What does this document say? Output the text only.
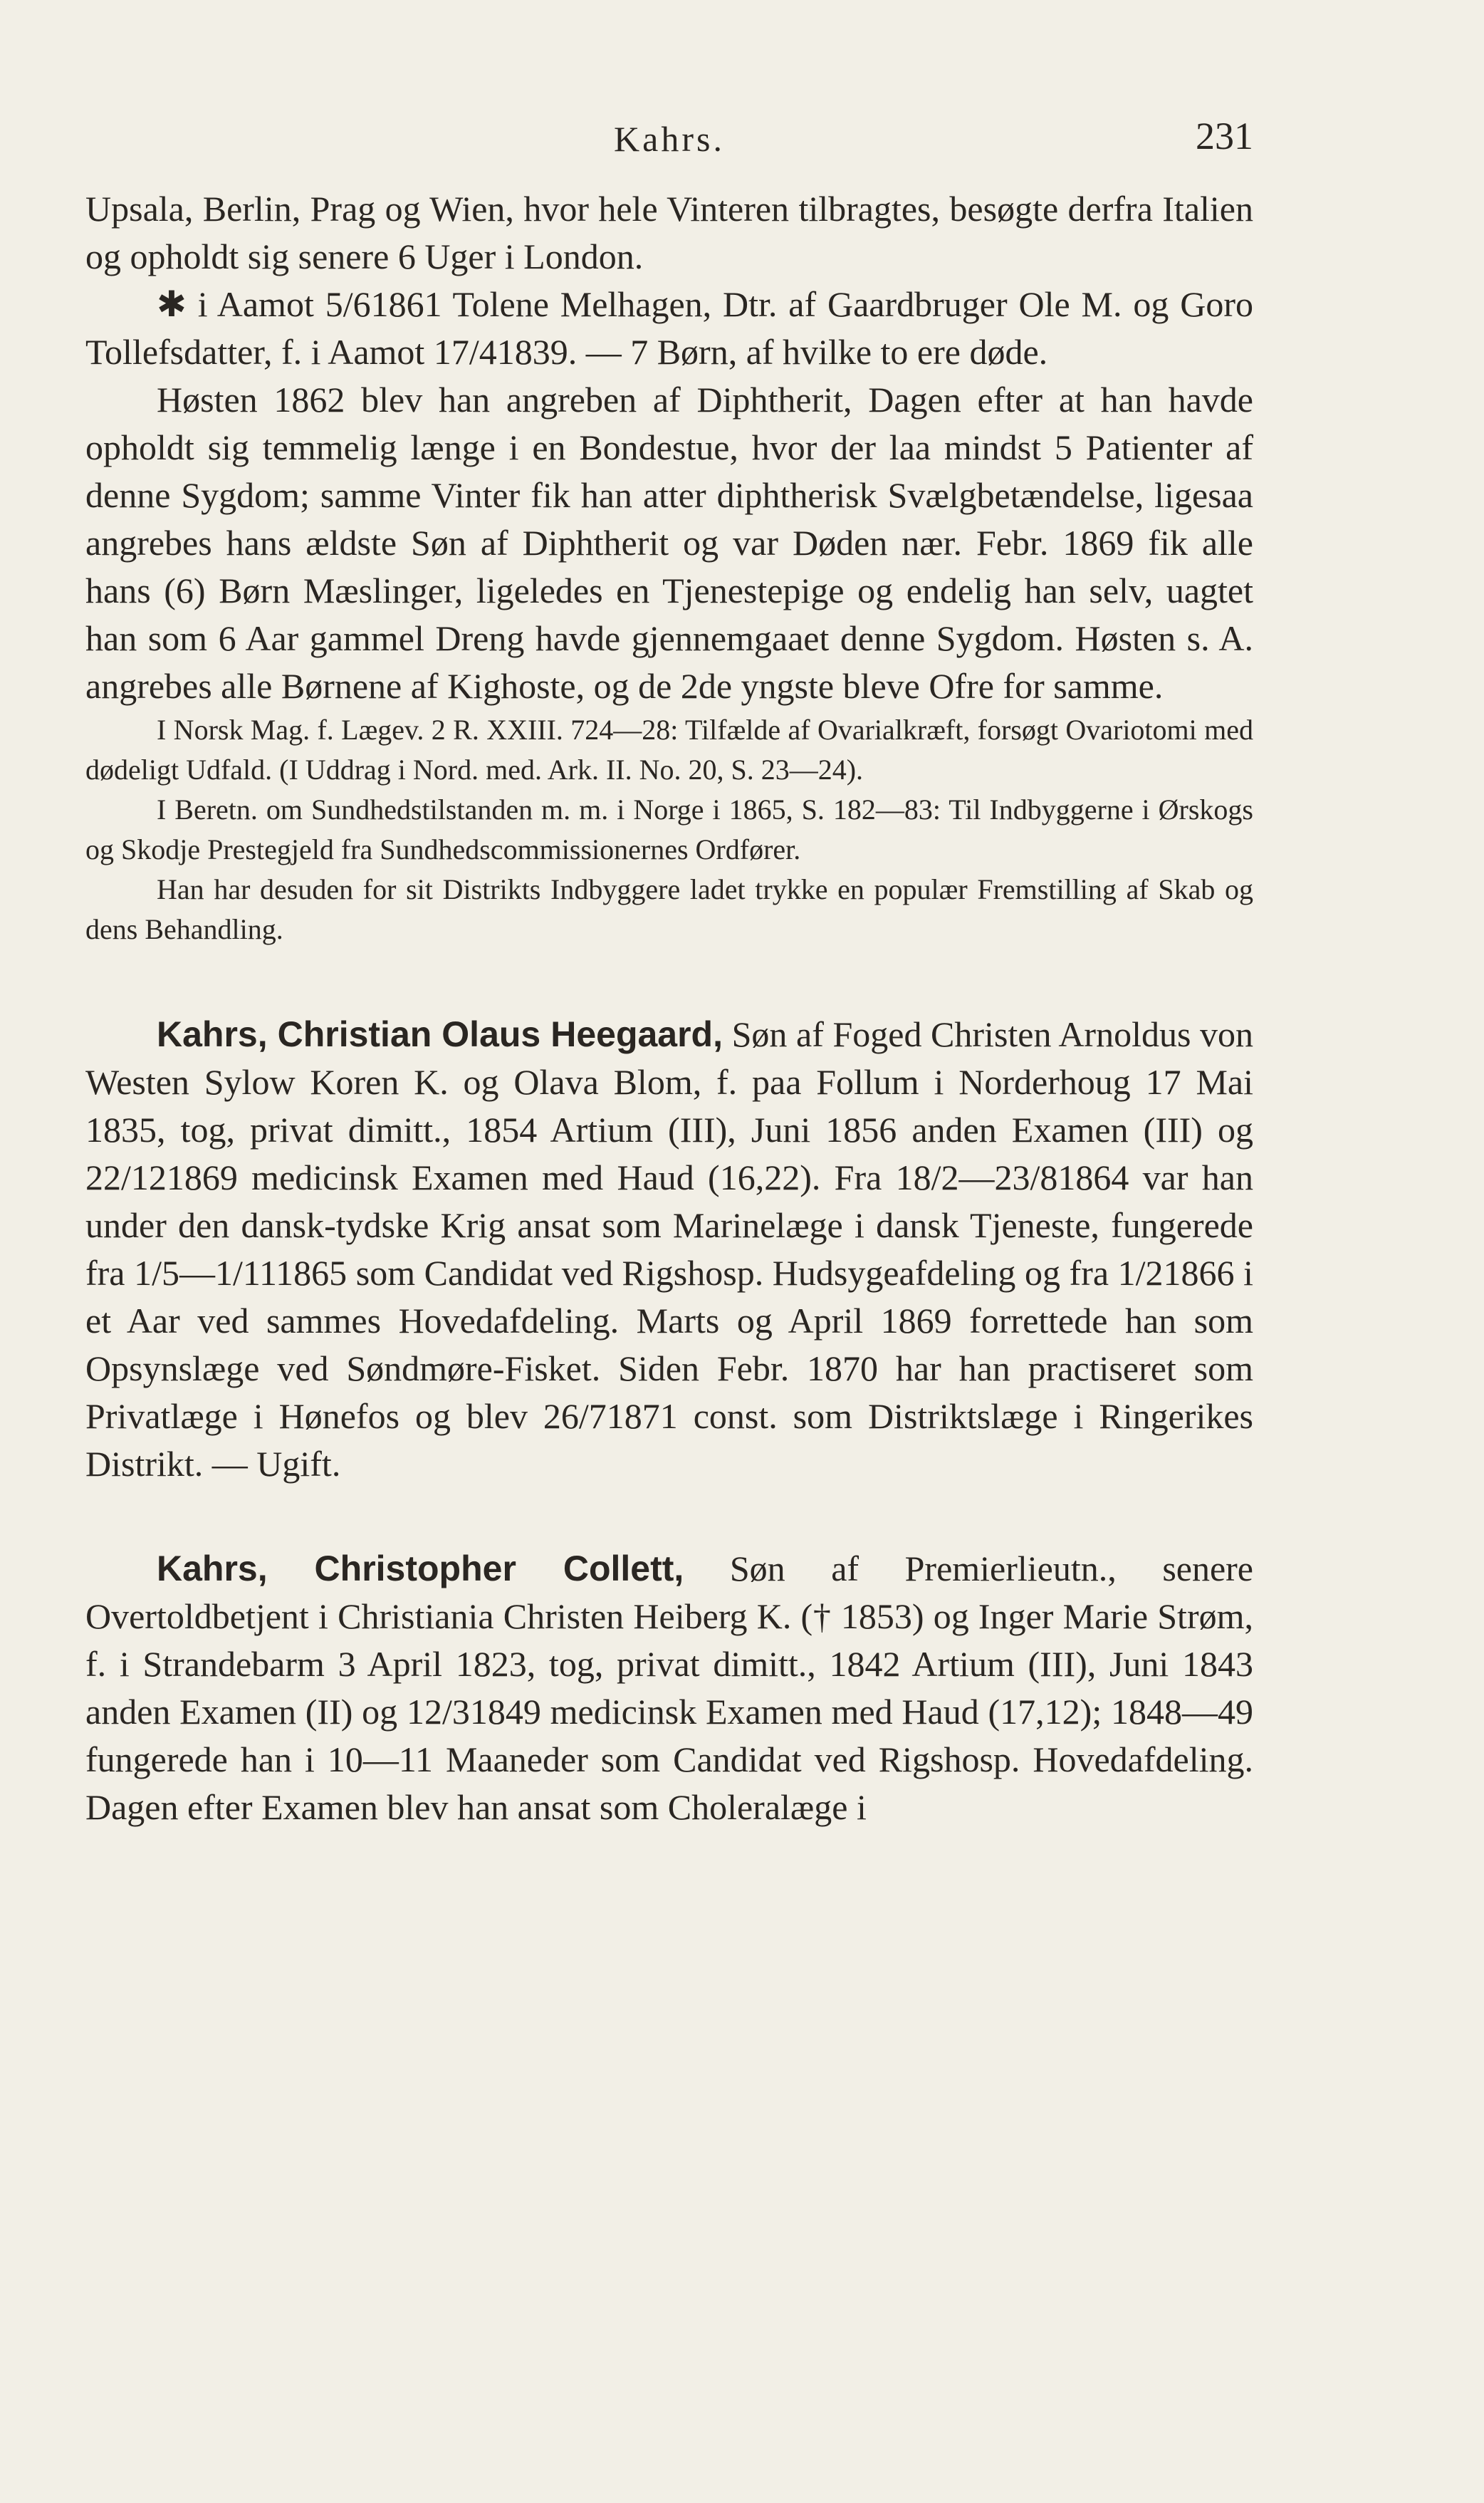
Kahrs.	231

Upsala, Berlin, Prag og Wien, hvor hele Vinteren tilbragtes, besøgte derfra Italien og opholdt sig senere 6 Uger i London.

✱ i Aamot 5/61861 Tolene Melhagen, Dtr. af Gaardbruger Ole M. og Goro Tollefsdatter, f. i Aamot 17/41839. — 7 Børn, af hvilke to ere døde.

Høsten 1862 blev han angreben af Diphtherit, Dagen efter at han havde opholdt sig temmelig længe i en Bondestue, hvor der laa mindst 5 Patienter af denne Sygdom; samme Vinter fik han atter diphtherisk Svælgbetændelse, ligesaa angrebes hans ældste Søn af Diphtherit og var Døden nær. Febr. 1869 fik alle hans (6) Børn Mæslinger, ligeledes en Tjenestepige og endelig han selv, uagtet han som 6 Aar gammel Dreng havde gjennemgaaet denne Sygdom. Høsten s. A. angrebes alle Børnene af Kighoste, og de 2de yngste bleve Ofre for samme.

I Norsk Mag. f. Lægev. 2 R. XXIII. 724—28: Tilfælde af Ovarialkræft, forsøgt Ovariotomi med dødeligt Udfald. (I Uddrag i Nord. med. Ark. II. No. 20, S. 23—24).

I Beretn. om Sundhedstilstanden m. m. i Norge i 1865, S. 182—83: Til Indbyggerne i Ørskogs og Skodje Prestegjeld fra Sundhedscommissionernes Ordfører.

Han har desuden for sit Distrikts Indbyggere ladet trykke en populær Fremstilling af Skab og dens Behandling.

Kahrs, Christian Olaus Heegaard, Søn af Foged Christen Arnoldus von Westen Sylow Koren K. og Olava Blom, f. paa Follum i Norderhoug 17 Mai 1835, tog, privat dimitt., 1854 Artium (III), Juni 1856 anden Examen (III) og 22/121869 medicinsk Examen med Haud (16,22). Fra 18/2—23/81864 var han under den dansk-tydske Krig ansat som Marinelæge i dansk Tjeneste, fungerede fra 1/5—1/111865 som Candidat ved Rigshosp. Hudsygeafdeling og fra 1/21866 i et Aar ved sammes Hovedafdeling. Marts og April 1869 forrettede han som Opsynslæge ved Søndmøre-Fisket. Siden Febr. 1870 har han practiseret som Privatlæge i Hønefos og blev 26/71871 const. som Distriktslæge i Ringerikes Distrikt. — Ugift.

Kahrs, Christopher Collett, Søn af Premierlieutn., senere Overtoldbetjent i Christiania Christen Heiberg K. († 1853) og Inger Marie Strøm, f. i Strandebarm 3 April 1823, tog, privat dimitt., 1842 Artium (III), Juni 1843 anden Examen (II) og 12/31849 medicinsk Examen med Haud (17,12); 1848—49 fungerede han i 10—11 Maaneder som Candidat ved Rigshosp. Hovedafdeling. Dagen efter Examen blev han ansat som Choleralæge i
